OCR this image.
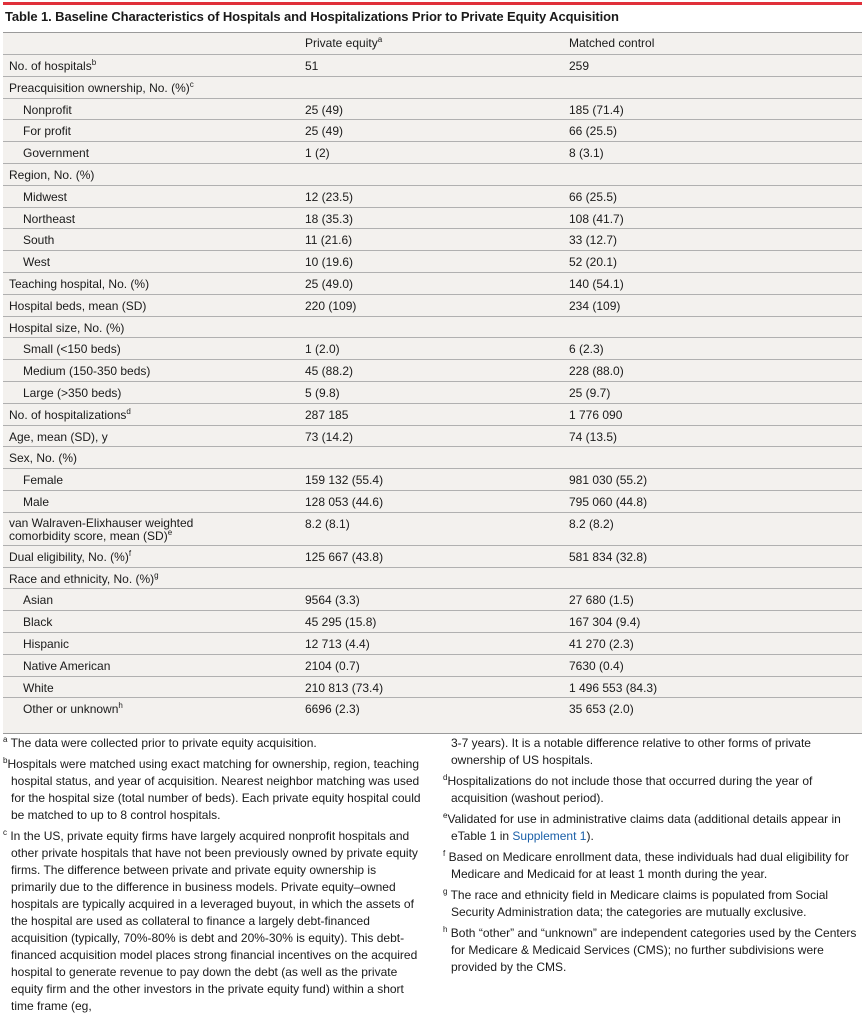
Table 1. Baseline Characteristics of Hospitals and Hospitalizations Prior to Private Equity Acquisition
Private equity$^a$	Matched control
No. of hospitals$^b$	51	259
Preacquisition ownership, No. (%)$^c$
Nonprofit	25 (49)	185 (71.4)
For profit	25 (49)	66 (25.5)
Government	1 (2)	8 (3.1)
Region, No. (%)
Midwest	12 (23.5)	66 (25.5)
Northeast	18 (35.3)	108 (41.7)
South	11 (21.6)	33 (12.7)
West	10 (19.6)	52 (20.1)
Teaching hospital, No. (%)	25 (49.0)	140 (54.1)
Hospital beds, mean (SD)	220 (109)	234 (109)
Hospital size, No. (%)
Small (<150 beds)	1 (2.0)	6 (2.3)
Medium (150-350 beds)	45 (88.2)	228 (88.0)
Large (>350 beds)	5 (9.8)	25 (9.7)
No. of hospitalizations$^d$	287 185	1 776 090
Age, mean (SD), y	73 (14.2)	74 (13.5)
Sex, No. (%)
Female	159 132 (55.4)	981 030 (55.2)
Male	128 053 (44.6)	795 060 (44.8)
van Walraven-Elixhauser weighted comorbidity score, mean (SD)$^e$
8.2 (8.1)	8.2 (8.2)
Dual eligibility, No. (%)$^f$	125 667 (43.8)	581 834 (32.8)
Race and ethnicity, No. (%)$^g$
Asian	9564 (3.3)	27 680 (1.5)
Black	45 295 (15.8)	167 304 (9.4)
Hispanic	12 713 (4.4)	41 270 (2.3)
Native American	2104 (0.7)	7630 (0.4)
White	210 813 (73.4)	1 496 553 (84.3)
Other or unknown$^h$	6696 (2.3)	35 653 (2.0)

$^a$ The data were collected prior to private equity acquisition.

$^b$Hospitals were matched using exact matching for ownership, region, teaching hospital status, and year of acquisition. Nearest neighbor matching was used for the hospital size (total number of beds). Each private equity hospital could be matched to up to 8 control hospitals.

$^c$ In the US, private equity firms have largely acquired nonprofit hospitals and other private hospitals that have not been previously owned by private equity firms. The difference between private and private equity ownership is primarily due to the difference in business models. Private equity–owned hospitals are typically acquired in a leveraged buyout, in which the assets of the hospital are used as collateral to finance a largely debt-financed acquisition (typically, 70%-80% is debt and 20%-30% is equity). This debt-financed acquisition model places strong financial incentives on the acquired hospital to generate revenue to pay down the debt (as well as the private equity firm and the other investors in the private equity fund) within a short time frame (eg,

3-7 years). It is a notable difference relative to other forms of private ownership of US hospitals.

$^d$Hospitalizations do not include those that occurred during the year of acquisition (washout period).

$^e$Validated for use in administrative claims data (additional details appear in eTable 1 in Supplement 1).

$^f$ Based on Medicare enrollment data, these individuals had dual eligibility for Medicare and Medicaid for at least 1 month during the year.

$^g$ The race and ethnicity field in Medicare claims is populated from Social Security Administration data; the categories are mutually exclusive.

$^h$ Both “other” and “unknown” are independent categories used by the Centers for Medicare & Medicaid Services (CMS); no further subdivisions were provided by the CMS.
